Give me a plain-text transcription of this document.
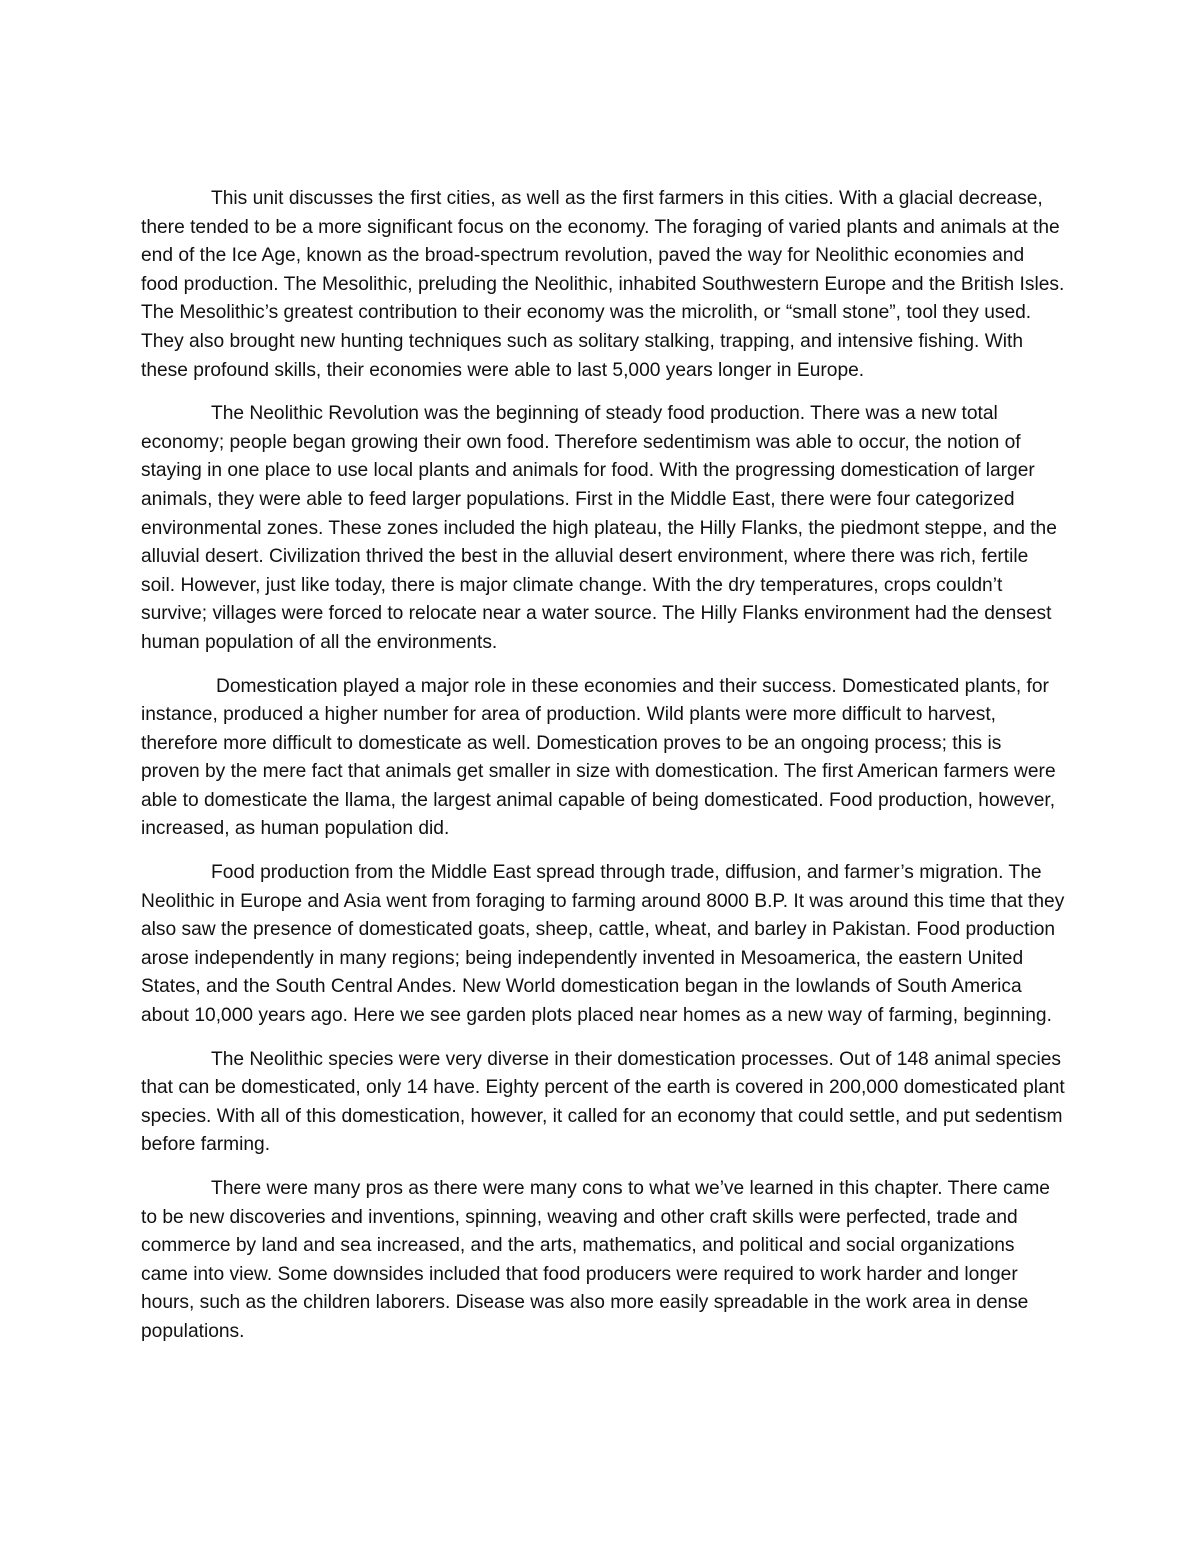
This unit discusses the first cities, as well as the first farmers in this cities. With a glacial decrease, there tended to be a more significant focus on the economy. The foraging of varied plants and animals at the end of the Ice Age, known as the broad-spectrum revolution, paved the way for Neolithic economies and food production. The Mesolithic, preluding the Neolithic, inhabited Southwestern Europe and the British Isles. The Mesolithic’s greatest contribution to their economy was the microlith, or “small stone”, tool they used. They also brought new hunting techniques such as solitary stalking, trapping, and intensive fishing. With these profound skills, their economies were able to last 5,000 years longer in Europe.

The Neolithic Revolution was the beginning of steady food production. There was a new total economy; people began growing their own food. Therefore sedentimism was able to occur, the notion of staying in one place to use local plants and animals for food. With the progressing domestication of larger animals, they were able to feed larger populations. First in the Middle East, there were four categorized environmental zones. These zones included the high plateau, the Hilly Flanks, the piedmont steppe, and the alluvial desert. Civilization thrived the best in the alluvial desert environment, where there was rich, fertile soil. However, just like today, there is major climate change. With the dry temperatures, crops couldn’t survive; villages were forced to relocate near a water source. The Hilly Flanks environment had the densest human population of all the environments.

Domestication played a major role in these economies and their success. Domesticated plants, for instance, produced a higher number for area of production. Wild plants were more difficult to harvest, therefore more difficult to domesticate as well. Domestication proves to be an ongoing process; this is proven by the mere fact that animals get smaller in size with domestication. The first American farmers were able to domesticate the llama, the largest animal capable of being domesticated. Food production, however, increased, as human population did.

Food production from the Middle East spread through trade, diffusion, and farmer’s migration. The Neolithic in Europe and Asia went from foraging to farming around 8000 B.P. It was around this time that they also saw the presence of domesticated goats, sheep, cattle, wheat, and barley in Pakistan. Food production arose independently in many regions; being independently invented in Mesoamerica, the eastern United States, and the South Central Andes. New World domestication began in the lowlands of South America about 10,000 years ago. Here we see garden plots placed near homes as a new way of farming, beginning.

The Neolithic species were very diverse in their domestication processes. Out of 148 animal species that can be domesticated, only 14 have. Eighty percent of the earth is covered in 200,000 domesticated plant species. With all of this domestication, however, it called for an economy that could settle, and put sedentism before farming.

There were many pros as there were many cons to what we’ve learned in this chapter. There came to be new discoveries and inventions, spinning, weaving and other craft skills were perfected, trade and commerce by land and sea increased, and the arts, mathematics, and political and social organizations came into view. Some downsides included that food producers were required to work harder and longer hours, such as the children laborers. Disease was also more easily spreadable in the work area in dense populations.
